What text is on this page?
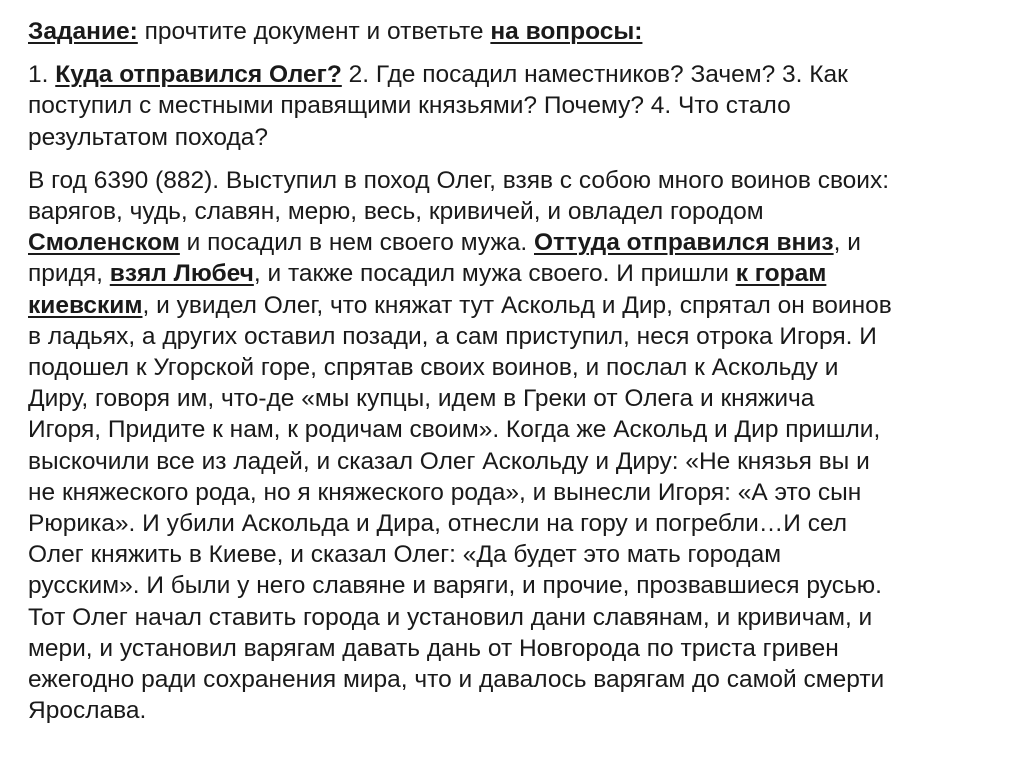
Задание: прочтите документ и ответьте на вопросы:

1. Куда отправился Олег? 2. Где посадил наместников? Зачем? 3. Как
поступил с местными правящими князьями? Почему? 4. Что стало
результатом похода?

В год 6390 (882). Выступил в поход Олег, взяв с собою много воинов своих:
варягов, чудь, славян, мерю, весь, кривичей, и овладел городом
Смоленском и посадил в нем своего мужа. Оттуда отправился вниз, и
придя, взял Любеч, и также посадил мужа своего. И пришли к горам
киевским, и увидел Олег, что княжат тут Аскольд и Дир, спрятал он воинов
в ладьях, а других оставил позади, а сам приступил, неся отрока Игоря. И
подошел к Угорской горе, спрятав своих воинов, и послал к Аскольду и
Диру, говоря им, что-де «мы купцы, идем в Греки от Олега и княжича
Игоря, Придите к нам, к родичам своим». Когда же Аскольд и Дир пришли,
выскочили все из ладей, и сказал Олег Аскольду и Диру: «Не князья вы и
не княжеского рода, но я княжеского рода», и вынесли Игоря: «А это сын
Рюрика». И убили Аскольда и Дира, отнесли на гору и погребли…И сел
Олег княжить в Киеве, и сказал Олег: «Да будет это мать городам
русским». И были у него славяне и варяги, и прочие, прозвавшиеся русью.
Тот Олег начал ставить города и установил дани славянам, и кривичам, и
мери, и установил варягам давать дань от Новгорода по триста гривен
ежегодно ради сохранения мира, что и давалось варягам до самой смерти
Ярослава.
